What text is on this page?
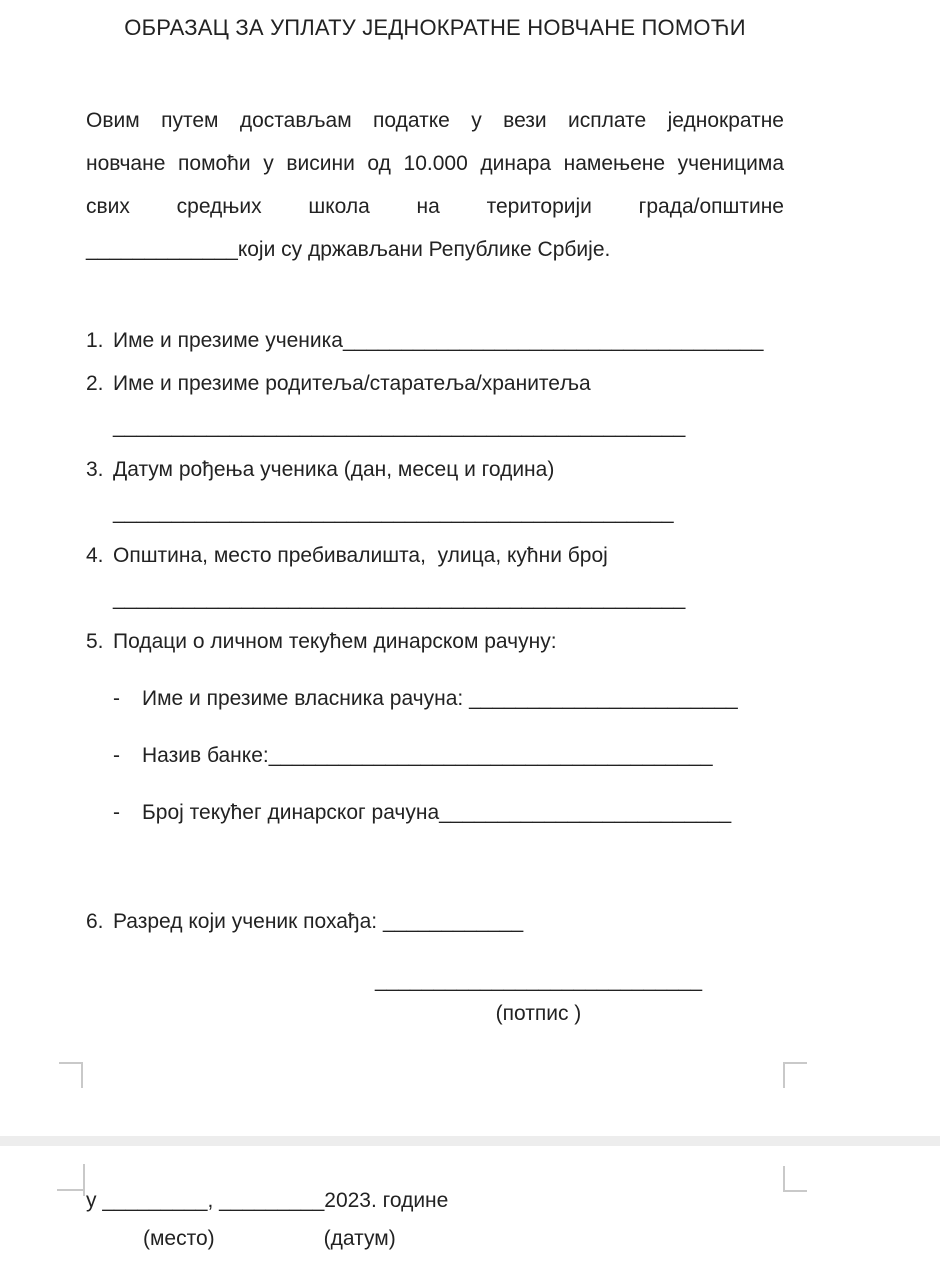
ОБРАЗАЦ ЗА УПЛАТУ ЈЕДНОКРАТНЕ НОВЧАНЕ ПОМОЋИ
Овим путем достављам податке у вези исплате једнократне
новчане помоћи у висини од 10.000 динара намењене ученицима
свих средњих школа на територији града/општине
_____________који су држављани Републике Србије.
1. Име и презиме ученика____________________________________
2. Име и презиме родитеља/старатеља/хранитеља
_________________________________________________
3. Датум рођења ученика (дан, месец и година)
________________________________________________
4. Општина, место пребивалишта,  улица, кућни број
_________________________________________________
5. Подаци о личном текућем динарском рачуну:
- Име и презиме власника рачуна: _______________________
- Назив банке:______________________________________
- Број текућег динарског рачуна_________________________
6. Разред који ученик похађа: ____________
____________________________
(потпис )
у _________, _________2023. године
(место)	(датум)
